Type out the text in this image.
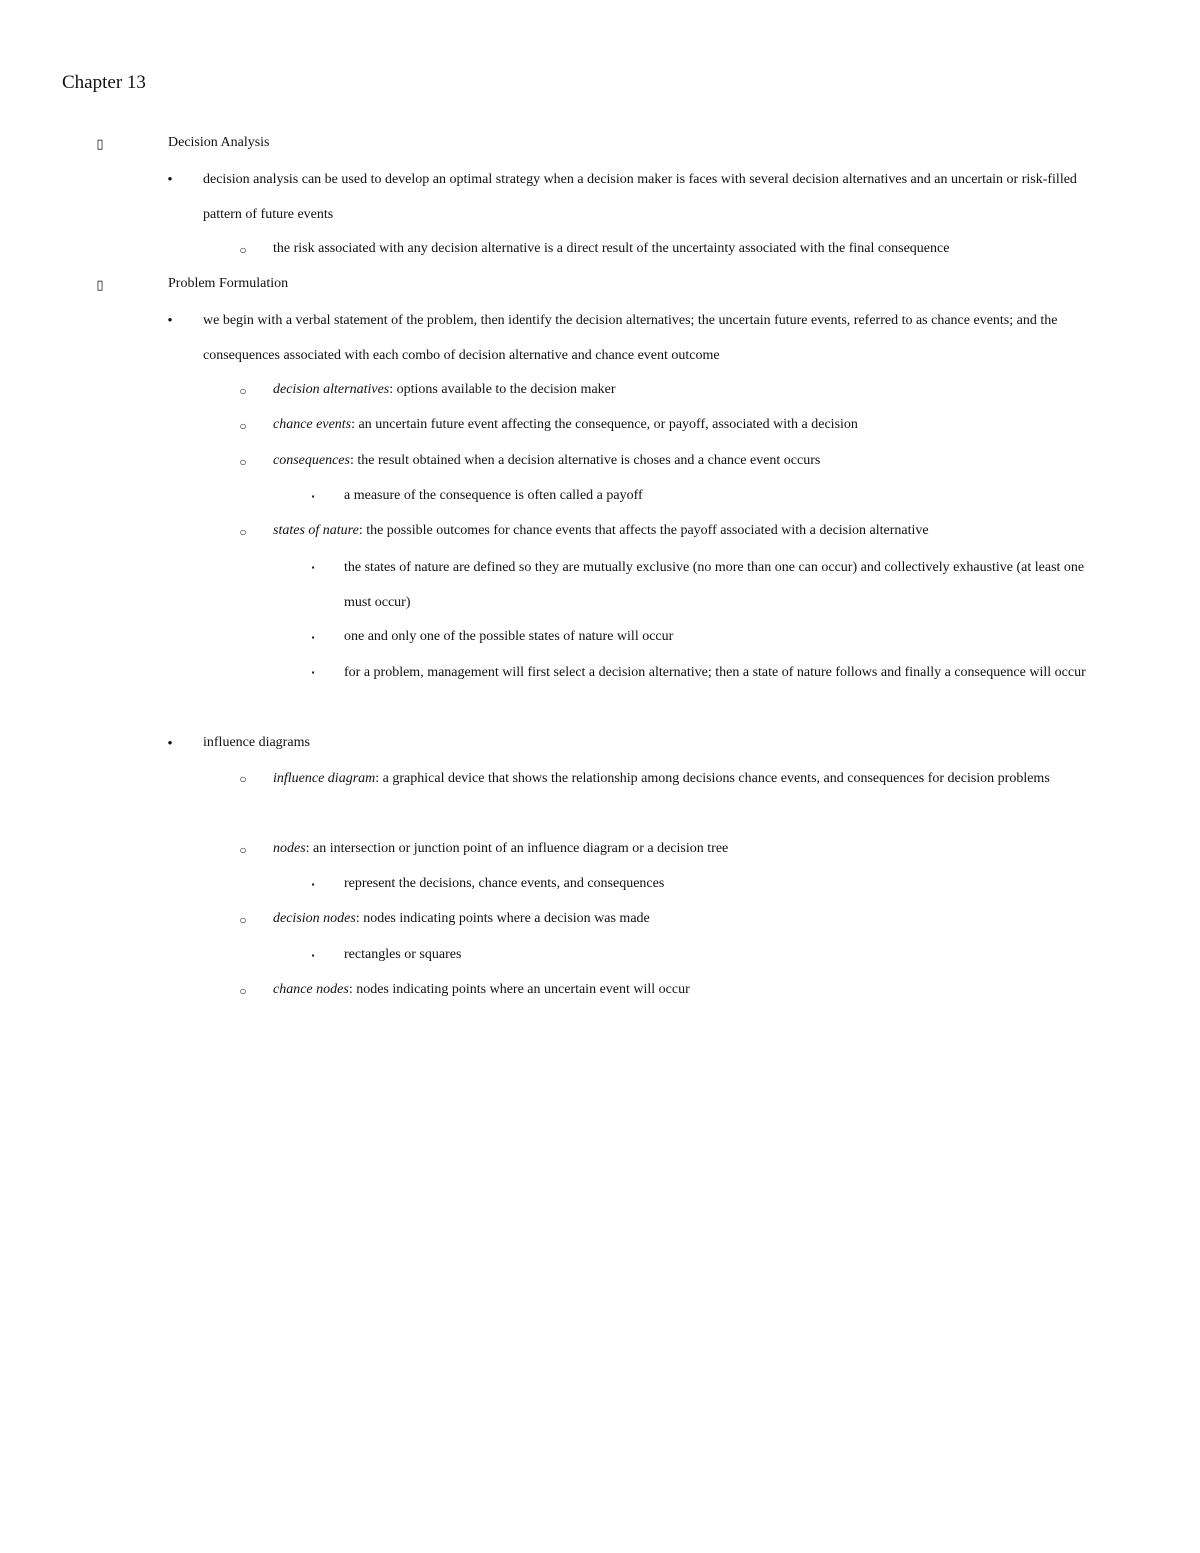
Chapter 13
▯	Decision Analysis
• decision analysis can be used to develop an optimal strategy when a decision maker is faces with several decision alternatives and an uncertain or risk-filled pattern of future events
○ the risk associated with any decision alternative is a direct result of the uncertainty associated with the final consequence
▯	Problem Formulation
• we begin with a verbal statement of the problem, then identify the decision alternatives; the uncertain future events, referred to as chance events; and the consequences associated with each combo of decision alternative and chance event outcome
○ decision alternatives: options available to the decision maker
○ chance events: an uncertain future event affecting the consequence, or payoff, associated with a decision
○ consequences: the result obtained when a decision alternative is choses and a chance event occurs
▪	a measure of the consequence is often called a payoff
○ states of nature: the possible outcomes for chance events that affects the payoff associated with a decision alternative
▪	the states of nature are defined so they are mutually exclusive (no more than one can occur) and collectively exhaustive (at least one must occur)
▪	one and only one of the possible states of nature will occur
▪	for a problem, management will first select a decision alternative; then a state of nature follows and finally a consequence will occur
• influence diagrams
○ influence diagram: a graphical device that shows the relationship among decisions chance events, and consequences for decision problems
○ nodes: an intersection or junction point of an influence diagram or a decision tree
▪	represent the decisions, chance events, and consequences
○ decision nodes: nodes indicating points where a decision was made
▪	rectangles or squares
○ chance nodes: nodes indicating points where an uncertain event will occur
